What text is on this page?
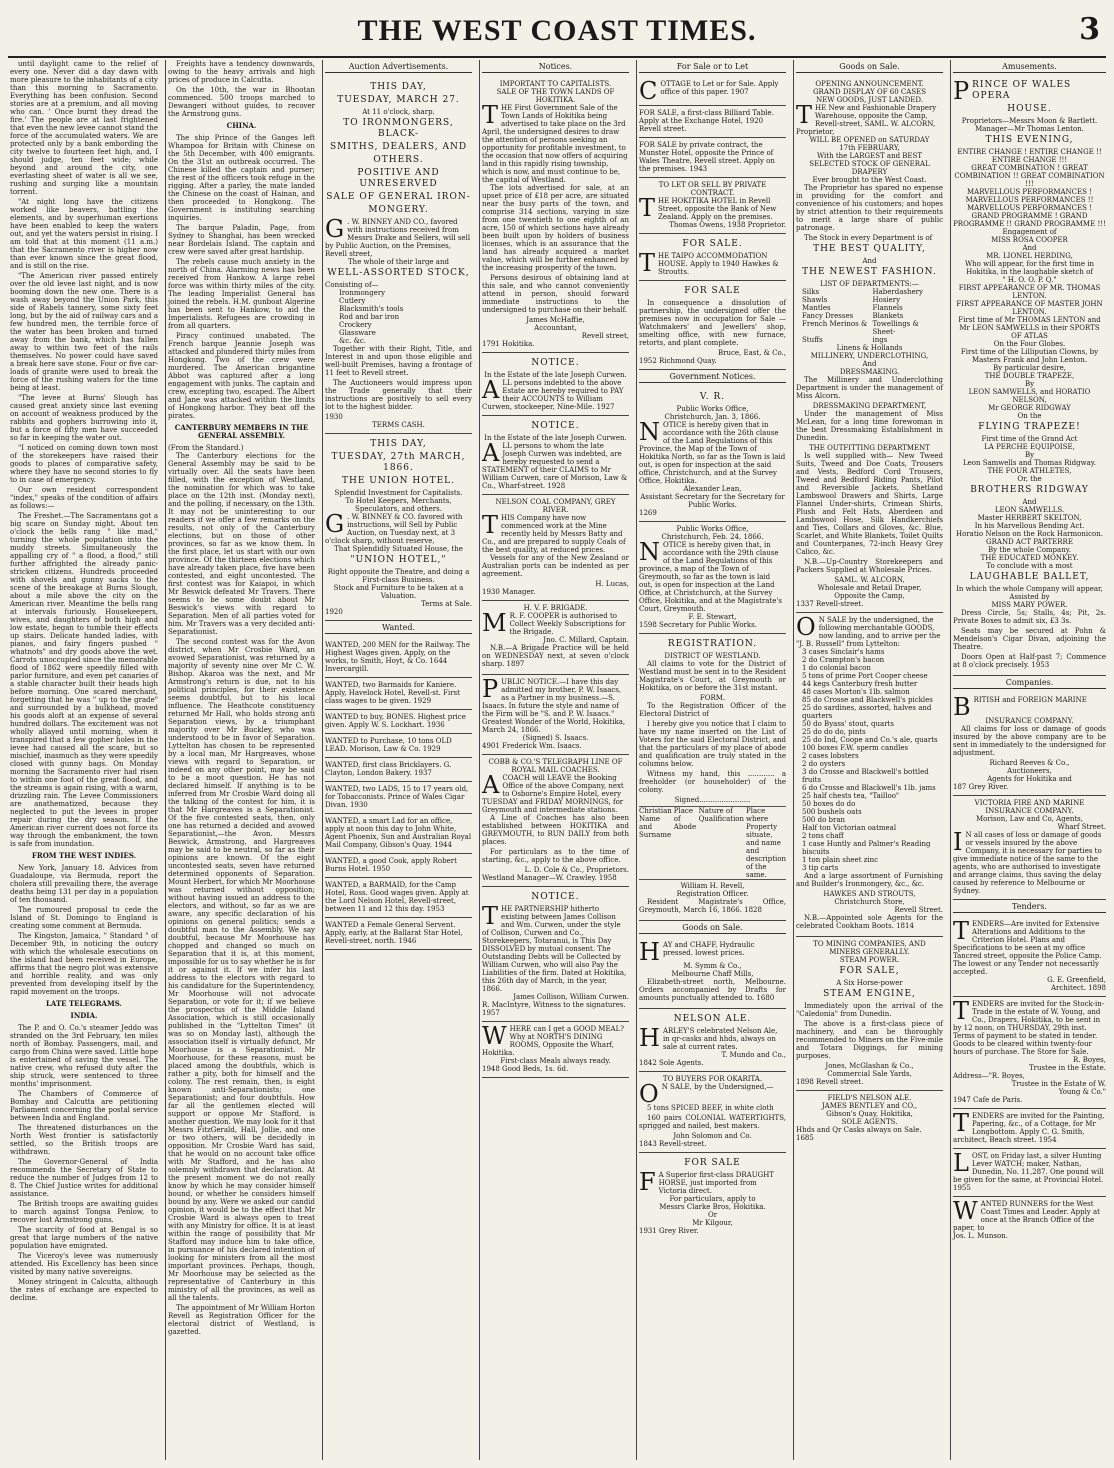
THE WEST COAST TIMES.	3

until daylight came to the relief of every one. Never did a day dawn with more pleasure to the inhabitants of a city than this morning to Sacramento. Everything has been confusion. Second stories are at a premium, and all moving who can. ' Once burnt they dread the fire.' The people are at last frightened that even the new levee cannot stand the force of the accumulated waters. We are protected only by a bank embording the city twelve to fourteen feet high, and, I should judge, ten feet wide; while beyond and around the city, one everlasting sheet of water is all we see, rushing and surging like a mountain torrent.

"At night long have the citizens worked like beavers, battling the elements, and by superhuman exertions have been enabled to keep the waters out, and yet the waters persist in rising. I am told that at this moment (11 a.m.) that the Sacramento river is higher now than ever known since the great flood, and is still on the rise.

"The American river passed entirely over the old levee last night, and is now booming down the new one. There is a wash away beyond the Union Park, this side of Rabels tannery, some sixty feet long, but by the aid of railway cars and a few hundred men, the terrible force of the water has been broken and turned away from the bank, which has fallen away to within two feet of the rails themselves. No power could have saved a break here save stone. Four or five car-loads of granite were used to break the force of the rushing waters for the time being at least.

"The levee at Burns' Slough has caused great anxiety since last evening on account of weakness produced by the rabbits and gophers burrowing into it, but a force of fifty men have succeeded so far in keeping the water out.

"I noticed on coming down town most of the storekeepers have raised their goods to places of comparative safety, where they have no second stories to fly to in case of emergency.

Our own resident correspondent "index," speaks of the condition of affairs as follows:—

The Freshet.—The Sacramentans got a big scare on Sunday night. About ten o'clock the bells rang " like mad," turning the whole population into the muddy streets. Simultaneously the appalling cry of " a flood, a flood," still further affrighted the already panic-stricken citizens. Hundreds proceeded with shovels and gunny sacks to the scene of the breakage at Burns Slough, about a mile above the city on the American river. Meantime the bells rang at intervals furiously. Housekeepers, wives, and daughters of both high and low estate, began to tumble their effects up stairs. Delicate handed ladies, with pianos, and fairy fingers pushed " whatnots" and dry goods above the wet. Carrots unoccupied since the memorable flood of 1862 were speedily filled with parlor furniture, and even pet canaries of a stable character built their heads high before morning. One scared merchant, forgetting that he was " up to the grade" and surrounded by a bulkhead, moved his goods aloft at an expense of several hundred dollars. The excitement was not wholly allayed until morning, when it transpired that a few gopher holes in the levee had caused all the scare, but so mischief, inasmuch as they were speedily closed with gunny bags. On Monday morning the Sacramento river had risen to within one foot of the great flood, and the streams is again rising, with a warm, drizzling rain. The Levee Commissioners are anathematized, because they neglected to put the levees in proper repair during the dry season. If the American river current does not force its way through the embankment, the town is safe from inundation.

FROM THE WEST INDIES.

New York, January 18. Advices from Guadaloupe, via Bermuda, report the cholera still prevailing there, the average deaths being 131 per day in a population of ten thousand.

The rumoured proposal to cede the Island of St. Domingo to England is creating some comment at Bermuda.

The Kingston, Jamaica, " Standard " of December 9th, in noticing the outcry with which the wholesale executions on the island had been received in Europe, affirms that the negro plot was extensive and horrible reality, and was only prevented from developing itself by the rapid movement on the troops.

LATE TELEGRAMS.
INDIA.

The P. and O. Co.'s steamer Jeddo was stranded on the 3rd February, ten miles north of Bombay. Passengers, mail, and cargo from China were saved. Little hope is entertained of saving the vessel. The native crew, who refused duty after the ship struck, were sentenced to three months' imprisonment.

The Chambers of Commerce of Bombay and Calcutta are petitioning Parliament concerning the postal service between India and England.

The threatened disturbances on the North West frontier is satisfactorily settled, so the British troops are withdrawn.

The Governor-General of India recommends the Secretary of State to reduce the number of Judges from 12 to 8. The Chief Justice writes for additional assistance.

The British troops are awaiting guides to march against Tongsa Penlow, to recover lost Armstrong guns.

The scarcity of food at Bengal is so great that large numbers of the native population have emigrated.

The Viceroy's levee was numerously attended. His Excellency has been since visited by many native sovereigns.

Money stringent in Calcutta, although the rates of exchange are expected to decline.

Freights have a tendency downwards, owing to the heavy arrivals and high prices of produce in Calcutta.

On the 10th, the war in Bhootan commenced. 500 troops marched to Dewangeri without guides, to recover the Armstrong guns.

CHINA.

The ship Prince of the Ganges left Whampoa for Britain with Chinese on the 5th December, with 400 emigrants. On the 31st an outbreak occurred. The Chinese killed the captain and purser; the rest of the officers took refuge in the rigging. After a parley, the mate landed the Chinese on the coast of Hainan, and then proceeded to Hongkong. The Government is instituting searching inquiries.

The barque Paladin, Page, from Sydney to Shanghai, has been wrecked near Bordelais Island. The captain and crew were saved after great hardship.

The rebels cause much anxiety in the north of China. Alarming news has been received from Hankow. A large rebel force was within thirty miles of the city. The leading Imperialist General has joined the rebels. H.M. gunboat Algerine has been sent to Hankow, to aid the Imperialists. Refugees are crowding in from all quarters.

Piracy continued unabated. The French barque Jeannie Joseph was attacked and plundered thirty miles from Hongkong. Two of the crew were murdered. The American brigantine Abbot was captured after a long engagement with junks. The captain and crew, excepting two, escaped. The Albert and Jane was attacked within the limits of Hongkong harbor. They beat off the pirates.

CANTERBURY MEMBERS IN THE GENERAL ASSEMBLY.
(From the Standard.)

The Canterbury elections for the General Assembly may be said to be virtually over. All the seats have been filled, with the exception of Westland, the nomination for which was to take place on the 12th inst. (Monday next), and the polling, if necessary, on the 13th. It may not be uninteresting to our readers if we offer a few remarks on the results, not only of the Canterbury elections, but on those of other provinces, so far as we know them. In the first place, let us start with our own province. Of the thirteen elections which have already taken place, five have been contested, and eight uncontested. The first contest was for Kaiapoi, in which Mr Beswick defeated Mr Travers. There seems to be some doubt about Mr Beswick's views with regard to Separation. Men of all parties voted for him. Mr Travers was a very decided anti-Separationist.

The second contest was for the Avon district, when Mr Crosbie Ward, an avowed Separationist, was returned by a majority of seventy nine over Mr C. W. Bishop. Akaroa was the next, and Mr Armstrong's return is due, not to his political principles, for their existence seems doubtful, but to his local influence. The Heathcote constituency returned Mr Hall, who holds strong anti Separation views, by a triumphant majority over Mr Buckley, who was understood to be in favor of Separation. Lyttelton has chosen to be represented by a local man, Mr Hargreaves, whose views with regard to Separation, or indeed on any other point, may be said to be a moot question. He has not declared himself. If anything is to be inferred from Mr Crosbie Ward doing all the talking of the contest for him, it is that Mr Hargreaves is a Separationist. Of the five contested seats, then, only one has returned a decided and avowed Separationist,—the Avon. Messrs Beswick, Armstrong, and Hargreaves may be said to be neutral, so far as their opinions are known. Of the eight uncontested seats, seven have returned determined opponents of Separation. Mount Herbert, for which Mr Moorhouse was returned without opposition; without having issued an address to the electors, and without, so far as we are aware, any specific declaration of his opinions on general politics; sends a doubtful man to the Assembly. We say doubtful, because Mr Moorhouse has chopped and changed so much on Separation that it is, at this moment, impossible for us to say whether he is for it or against it. If we infer his last address to the electors with regard to his candidature for the Superintendency, Mr Moorhouse will not advocate Separation, or vote for it; if we believe the prospectus of the Middle Island Association, which is still occasionally published in the "Lyttelton Times" (it was so on Monday last), although the association itself is virtually defunct, Mr Moorhouse is a Separationist. Mr Moorhouse, for these reasons, must be placed among the doubtfuls, which is rather a pity, both for himself and the colony. The rest remain, then, is eight known anti-Separationists; one Separationist; and four doubtfuls. How far all the gentlemen elected will support or oppose Mr Stafford, is another question. We may look for it that Messrs FitzGerald, Hall, Jollie, and one or two others, will be decidedly in opposition. Mr Crosbie Ward has said, that he would on no account take office with Mr Stafford, and he has also solemnly withdrawn that declaration. At the present moment we do not really know by which he may consider himself bound, or whether he considers himself bound by any. Were we asked our candid opinion, it would be to the effect that Mr Crosbie Ward is always open to treat with any Ministry for office. It is at least within the range of possibility that Mr Stafford may induce him to take office, in pursuance of his declared intention of looking for ministers from all the most important provinces. Perhaps, though, Mr Moorhouse may be selected as the representative of Canterbury in this ministry of all the provinces, as well as all the talents.

The appointment of Mr William Horton Revell as Registration Officer for the electoral district of Westland, is gazetted.

Auction Advertisements.
THIS DAY,
TUESDAY, MARCH 27.
At 11 o'clock, sharp.
TO IRONMONGERS, BLACK-
SMITHS, DEALERS, AND
OTHERS.
POSITIVE AND UNRESERVED
SALE OF GENERAL IRON-
MONGERY.
G . W. BINNEY AND CO., favored with instructions received from Messrs Drake and Sellers, will sell by Public Auction, on the Premises, Revell street,
The whole of their large and
WELL-ASSORTED STOCK,
Consisting of—
Ironmongery
Cutlery
Blacksmith's tools
Rod and bar iron
Crockery
Glassware
&c. &c.

Together with their Right, Title, and Interest in and upon those eligible and well-built Premises, having a frontage of 11 feet to Revell street.

The Auctioneers would impress upon the Trade generally that their instructions are positively to sell every lot to the highest bidder.

1930
TERMS CASH.
THIS DAY,
TUESDAY, 27th MARCH, 1866.
THE UNION HOTEL.
Splendid Investment for Capitalists.
To Hotel Keepers, Merchants, Speculators, and others.
G . W. BINNEY & CO. favored with instructions, will Sell by Public Auction, on Tuesday next, at 3 o'clock sharp, without reserve,
That Splendidly Situated House, the
"UNION HOTEL,"
Right opposite the Theatre, and doing a First-class Business.
Stock and Furniture to be taken at a Valuation.
Terms at Sale.
1920
Wanted.
WANTED, 200 MEN for the Railway. The Highest Wages given. Apply, on the works, to Smith, Hoyt, & Co. 1644 Invercargill.
WANTED, two Barmaids for Kaniere. Apply, Havelock Hotel, Revell-st. First class wages to be given. 1929
WANTED to buy, BONES. Highest price given. Apply W. S. Lockhart. 1936
WANTED to Purchase, 10 tons OLD LEAD. Morison, Law & Co. 1929
WANTED, first class Bricklayers. G. Clayton, London Bakery. 1937
WANTED, two LADS, 15 to 17 years old, for Tobacconists. Prince of Wales Cigar Divan. 1930
WANTED, a smart Lad for an office, apply at noon this day to John White, Agent Phoenix, Sun and Australian Royal Mail Company, Gibson's Quay. 1944
WANTED, a good Cook, apply Robert Burns Hotel. 1950
WANTED, a BARMAID, for the Camp Hotel, Ross. Good wages given. Apply at the Lord Nelson Hotel, Revell-street, between 11 and 12 this day. 1953
WANTED a Female General Servent. Apply, early, at the Ballarat Star Hotel, Revell-street, north. 1946
Notices.
IMPORTANT TO CAPITALISTS.
SALE OF THE TOWN LANDS OF
HOKITIKA.
THE First Government Sale of the Town Lands of Hokitika being advertised to take place on the 3rd April, the undersigned desires to draw the attention of persons seeking an opportunity for profitable investment, to the occasion that now offers of acquiring land in this rapidly rising township, which is now, and must continue to be, the capital of Westland.

The lots advertised for sale, at an upset price of £18 per acre, are situated near the busy parts of the town, and comprise 314 sections, varying in size from one twentieth to one eighth of an acre, 150 of which sections have already been built upon by holders of business licenses, which is an assurance that the land has already acquired a market value, which will be further enhanced by the increasing prosperity of the town.

Persons desirous of obtaining land at this sale, and who cannot conveniently attend in person, should forward immediate instructions to the undersigned to purchase on their behalf.

James McHaffie,
Accountant,
Revell street,
1791 Hokitika.
NOTICE.
In the Estate of the late Joseph Curwen.
ALL persons indebted to the above Estate are hereby required to PAY their ACCOUNTS to William Curwen, stockeeper, Nine-Mile. 1927
NOTICE.
In the Estate of the late Joseph Curwen.
ALL persons to whom the late Joseph Curwen was indebted, are hereby requested to send a STATEMENT of their CLAIMS to Mr William Curwen, care of Morison, Law & Co., Wharf-street. 1928
NELSON COAL COMPANY, GREY RIVER.
THIS Company have now commenced work at the Mine recently held by Messrs Batty and Co., and are prepared to supply Coals of the best quality, at reduced prices.

Vessels for any of the New Zealand or Australian ports can be indented as per agreement.

H. Lucas,
1930 Manager.
H. V. F. BRIGADE.
M R. F. COOPER is authorised to Collect Weekly Subscriptions for the Brigade.
Jno. C. Millard, Captain.

N.B.—A Brigade Practice will be held on WEDNESDAY next, at seven o'clock sharp. 1897

PUBLIC NOTICE.—I have this day admitted my brother, P. W. Isaacs, as a Partner in my business.—S. Isaacs. In future the style and name of the Firm will be "S. and P. W. Isaacs." Greatest Wonder of the World, Hokitika, March 24, 1866.
(Signed) S. Isaacs.
4901 Frederick Wm. Isaacs.
COBB & CO.'S TELEGRAPH LINE OF ROYAL MAIL COACHES.
ACOACH will LEAVE the Booking Office of the above Company, next to Osborne's Empire Hotel, every TUESDAY and FRIDAY MORNINGS, for Greymouth and intermediate stations.

A Line of Coaches has also been established between HOKITIKA and GREYMOUTH, to RUN DAILY from both places.

For particulars as to the time of starting, &c., apply to the above office.

L. D. Cole & Co., Proprietors.
Westland Manager—W. Crawley. 1958
NOTICE.
THE PARTNERSHIP hitherto existing between James Collison and Wm. Curwen, under the style of Collison, Curwen and Co., Storekeepers, Totaranui, is This Day DISSOLVED by mutual consent. The Outstanding Debts will be Collected by William Curwen, who will also Pay the Liabilities of the firm. Dated at Hokitika, this 26th day of March, in the year, 1866.
James Collison, William Curwen.
R. MacIntyre, Witness to the signatures. 1957
WHERE can I get a GOOD MEAL? Why at NORTH'S DINING ROOMS, Opposite the Wharf, Hokitika.
First-class Meals always ready.
1948 Good Beds, 1s. 6d.
For Sale or to Let
COTTAGE to Let or for Sale. Apply office of this paper. 1907
FOR SALE, a first-class Billiard Table. Apply at the Exchange Hotel, 1920 Revell street.
FOR SALE by private contract, the Munster Hotel, opposite the Prince of Wales Theatre, Revell street. Apply on the premises. 1943
TO LET OR SELL BY PRIVATE CONTRACT.
THE HOKITIKA HOTEL in Revell Street, opposite the Bank of New Zealand. Apply on the premises.
Thomas Owens, 1938 Proprietor.
FOR SALE.
THE TAIPO ACCOMMODATION HOUSE. Apply to 1940 Hawkes & Stroutts.
FOR SALE

In consequence a dissolution of partnership, the undersigned offer the premises now in occupation for Sale — Watchmakers' and Jewellers' shop, smelting office, with new furnace, retorts, and plant complete.

Bruce, East, & Co.,
1952 Richmond Quay.
Government Notices.
V. R.
Public Works Office,
Christchurch, Jan. 3, 1866.
NOTICE is hereby given that in accordance with the 26th clause of the Land Regulations of this Province, the Map of the Town of Hokitika North, so far as the Town is laid out, is open for inspection at the said office, Christchurch, and at the Survey Office, Hokitika.
Alexander Lean,
Assistant Secretary for the Secretary for Public Works.
1269
Public Works Office,
Christchurch, Feb. 24, 1866.
NOTICE is hereby given that, in accordance with the 29th clause of the Land Regulations of this province, a map of the Town of Greymouth, so far as the town is laid out, is open for inspection at the Land Office, at Christchurch, at the Survey Office, Hokitika, and at the Magistrate's Court, Greymouth.
F. E. Stewart,
1598 Secretary for Public Works.
REGISTRATION.
DISTRICT OF WESTLAND.

All claims to vote for the District of Westland must be sent in to the Resident Magistrate's Court, at Greymouth or Hokitika, on or before the 31st instant.

FORM.

To the Registration Officer of the Electoral District of

I hereby give you notice that I claim to have my name inserted on the List of Voters for the said Electoral District, and that the particulars of my place of abode and qualification are truly stated in the columns below.

Witness my hand, this ............ a freeholder (or householder) of the colony.

Signed.......................
Christian Name and Surname
Place of Abode
Nature of Qualification
Place where Property situate, and name and description of the same.
William H. Revell,
Registration Officer.

Resident Magistrate's Office, Greymouth, March 16, 1866. 1828

Goods on Sale.
HAY and CHAFF, Hydraulic pressed. lowest prices.
M. Symm & Co.,
Melbourne Chaff Mills,

Elizabeth-street north, Melbourne. Orders accompanied by Drafts for amounts punctually attended to. 1680

NELSON ALE.
HARLEY'S celebrated Nelson Ale, in qr-casks and hhds, always on sale at current rates.
T. Mundo and Co.,
1842 Sole Agents.
TO BUYERS FOR OKARITA.
O N SALE, by the Undersigned,—

5 tons SPICED BEEF, in white cloth

160 pairs COLONIAL WATERTIGHTS, sprigged and nailed, best makers.

John Solomon and Co.
1843 Revell-street.
FOR SALE
F A Superior first-class DRAUGHT HORSE, just imported from Victoria direct.
For particulars, apply to
Messrs Clarke Bros, Hokitika.
Or
Mr Kilgour,
1931 Grey River.
Goods on Sale.
OPENING ANNOUNCEMENT.
GRAND DISPLAY OF 60 CASES
NEW GOODS, JUST LANDED.
THE New and Fashionable Drapery Warehouse, opposite the Camp, Revell-street, SAML. W. ALCORN, Proprietor,
WILL BE OPENED on SATURDAY
17th FEBRUARY,
With the LARGEST and BEST SELECTED STOCK OF GENERAL
DRAPERY
Ever brought to the West Coast.

The Proprietor has spared no expense in providing for the comfort and convenience of his customers; and hopes by strict attention to their requirements to merit a large share of public patronage.

The Stock in every Department is of

THE BEST QUALITY,
And
THE NEWEST FASHION.
LIST OF DEPARTMENTS:—
Silks	Haberdashery
Shawls	Hosiery
Mantles	Flannels
Fancy Dresses	Blankets
French Merinos & Towellings & Sheet-
Stuffs	ings
Linens & Hollands
MILLINERY, UNDERCLOTHING,
And
DRESSMAKING.

The Millinery and Underclothing Department is under the management of Miss Alcorn.

DRESSMAKING DEPARTMENT,

Under the management of Miss McLean, for a long time forewoman in the best Dressmaking Establishment in Dunedin.

THE OUTFITTING DEPARTMENT

Is well supplied with— New Tweed Suits, Tweed and Doe Coats, Trousers and Vests, Bedford Cord Trousers, Tweed and Bedford Riding Pants, Pilot and Reversible Jackets, Shetland Lambswool Drawers and Shirts, Large Flannel Under-shirts, Crimean Shirts, Plush and Felt Hats, Aberdeen and Lambswool Hose, Silk Handkerchiefs and Ties, Collars and Gloves, &c. Blue, Scarlet, and White Blankets, Toilet Quilts and Counterpanes, 72-inch Heavy Grey Calico, &c.

N.B.—Up-Country Storekeepers and Packers Supplied at Wholesale Prices.

SAML. W. ALCORN,
Wholesale and Retail Draper,
Opposite the Camp,
1337 Revell-street.
O N SALE by the undersigned, the following merchantable GOODS, now landing, and to arrive per the "J. B. Russell" from Lyttelton:
3 cases Sinclair's hams
2 do Crampton's bacon
1 do colonial bacon
5 tons of prime Port Cooper cheese
44 kegs Canterbury fresh butter
48 cases Morton's 1lb. salmon
85 do Crosse and Blackwell's pickles
25 do sardines, assorted, halves and quarters
50 do Byass' stout, quarts
25 do do do, pints
25 do Ind, Coope and Co.'s ale, quarts
100 boxes F.W. sperm candles
2 cases lobsters
2 do oysters
3 do Crosse and Blackwell's bottled fruits
6 do Crosse and Blackwell's 1lb. jams
25 half chests tea, "Tailloo"
50 boxes do do
500 bushels oats
500 do bran
Half ton Victorian oatmeal
2 tons chaff
1 case Huntly and Palmer's Reading biscuits
1 ton plain sheet zinc
3 tip carts

And a large assortment of Furnishing and Builder's Ironmongery, &c., &c.

HAWKES AND STROUTS,
Christchurch Store,
Revell Street.

N.B.—Appointed sole Agents for the celebrated Cookham Boots. 1814

TO MINING COMPANIES, AND
MINERS GENERALLY.
STEAM POWER.
FOR SALE,
A Six Horse-power
STEAM ENGINE,

Immediately upon the arrival of the "Caledonia" from Dunedin.

The above is a first-class piece of machinery, and can be thoroughly recommended to Miners on the Five-mile and Totara Diggings, for mining purposes.

Jones, McGlashan & Co.,
Commercial Sale Yards,
1898 Revell street.
FIELD'S NELSON ALE.
JAMES BENTLEY and CO.,
Gibson's Quay, Hokitika,
SOLE AGENTS.
Hhds and Qr Casks always on Sale.
1685
Amusements.
PRINCE OF WALES OPERA
HOUSE.
Proprietors—Messrs Moon & Bartlett.
Manager—Mr Thomas Lenton.
THIS EVENING,
ENTIRE CHANGE ! ENTIRE CHANGE !! ENTIRE CHANGE !!!
GREAT COMBINATION ! GREAT COMBINATION !! GREAT COMBINATION !!!
MARVELLOUS PERFORMANCES ! MARVELLOUS PERFORMANCES !! MARVELLOUS PERFORMANCES !
GRAND PROGRAMME ! GRAND PROGRAMME !! GRAND PROGRAMME !!!
Engagement of
MISS ROSA COOPER
And
MR. LIONEL HERDING,
Who will appear, for the first time in Hokitika, in the laughable sketch of
" H. O. O. P. Q."
FIRST APPEARANCE OF MR. THOMAS LENTON.
FIRST APPEARANCE OF MASTER JOHN LENTON.
First time of Mr THOMAS LENTON and Mr LEON SAMWELLS in their SPORTS OF ATLAS
On the Four Globes.
First time of the Lilliputian Clowns, by Masters Frank and John Lenton.
By particular desire,
THE DOUBLE TRAPEZE,
By
LEON SAMWELLS, and HORATIO NELSON,
Mr GEORGE RIDGWAY
On the
FLYING TRAPEZE!
First time of the Grand Act
LA PERCHE EQUIPOISE,
By
Leon Samwells and Thomas Ridgway.
THE FOUR ATHLETES,
Or, the
BROTHERS RIDGWAY
And
LEON SAMWELLS.
Master HERBERT SKELTON,
In his Marvellous Bending Act.
Horatio Nelson on the Rock Harmonicon.
GRAND ACT PARTERRE
By the whole Company.
THE EDUCATED MONKEY.
To conclude with a most
LAUGHABLE BALLET,
In which the whole Company will appear, Assisted by
MISS MARY POWER.

Dress Circle, 5s; Stalls, 4s; Pit, 2s. Private Boxes to admit six, £3 3s.

Seats may be secured at Pohn & Mendelson's Cigar Divan, adjoining the Theatre.

Doors Open at Half-past 7; Commence at 8 o'clock precisely. 1953

Companies.
BRITISH and FOREIGN MARINE
INSURANCE COMPANY.

All claims for loss or damage of goods insured by the above company are to be sent in immediately to the undersigned for adjustment.

Richard Reeves & Co.,
Auctioneers,
Agents for Hokitika and
187 Grey River.
VICTORIA FIRE AND MARINE
INSURANCE COMPANY.
Morison, Law and Co, Agents,
Wharf Street.
I N all cases of loss or damage of goods or vessels insured by the above Company, it is necessary for parties to give immediate notice of the same to the agents, who are authorised to investigate and arrange claims, thus saving the delay caused by reference to Melbourne or Sydney.
Tenders.
TENDERS—Are invited for Extensive Alterations and Additions to the Criterion Hotel. Plans and Specifications to be seen at my office Tancred street, opposite the Police Camp. The lowest or any Tender not necessarily accepted.
G. E. Greenfield,
Architect. 1898
TENDERS are invited for the Stock-in-Trade in the estate of W. Young, and Co., Drapers, Hokitika, to be sent in by 12 noon, on THURSDAY, 29th inst. Terms of payment to be stated in tender. Goods to be cleared within twenty-four hours of purchase. The Store for Sale.
R. Boyes,
Trustee in the Estate.
Address—"R. Boyes,
Trustee in the Estate of W.
Young & Co."
1947 Cafe de Paris.
TENDERS are invited for the Painting, Papering, &c., of a Cottage, for Mr Longbottom. Apply C. G. Smith, architect, Beach street. 1954
LOST, on Friday last, a silver Hunting Lever WATCH; maker, Nathan, Dunedin, No. 11,287. One pound will be given for the same, at Provincial Hotel. 1955
WANTED RUNNERS for the West Coast Times and Leader. Apply at once at the Branch Office of the paper, to
Jos. L. Munson.
